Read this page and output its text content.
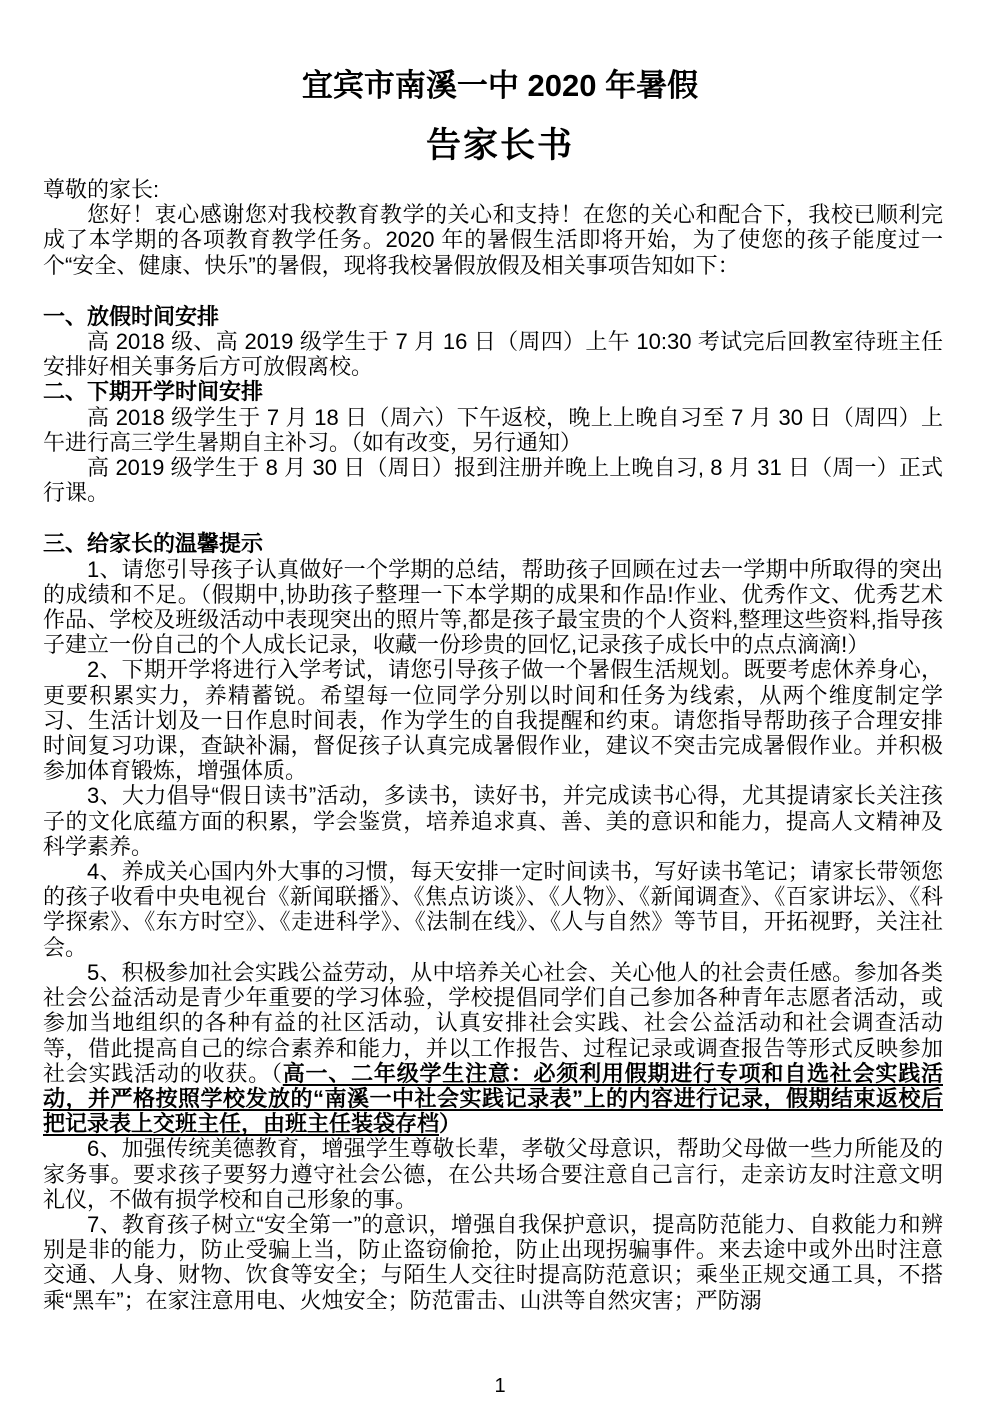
宜宾市南溪一中 2020 年暑假
告家长书

尊敬的家长:

您好！衷心感谢您对我校教育教学的关心和支持！在您的关心和配合下，我校已顺利完成了本学期的各项教育教学任务。2020 年的暑假生活即将开始，为了使您的孩子能度过一个“安全、健康、快乐”的暑假，现将我校暑假放假及相关事项告知如下：

一、放假时间安排

高 2018 级、高 2019 级学生于 7 月 16 日（周四）上午 10:30 考试完后回教室待班主任安排好相关事务后方可放假离校。

二、下期开学时间安排

高 2018 级学生于 7 月 18 日（周六）下午返校，晚上上晚自习至 7 月 30 日（周四）上午进行高三学生暑期自主补习。（如有改变，另行通知）

高 2019 级学生于 8 月 30 日（周日）报到注册并晚上上晚自习, 8 月 31 日（周一）正式行课。

三、给家长的温馨提示

1、请您引导孩子认真做好一个学期的总结，帮助孩子回顾在过去一学期中所取得的突出的成绩和不足。（假期中,协助孩子整理一下本学期的成果和作品!作业、优秀作文、优秀艺术作品、学校及班级活动中表现突出的照片等,都是孩子最宝贵的个人资料,整理这些资料,指导孩子建立一份自己的个人成长记录，收藏一份珍贵的回忆,记录孩子成长中的点点滴滴!）

2、下期开学将进行入学考试，请您引导孩子做一个暑假生活规划。既要考虑休养身心，更要积累实力，养精蓄锐。希望每一位同学分别以时间和任务为线索，从两个维度制定学习、生活计划及一日作息时间表，作为学生的自我提醒和约束。请您指导帮助孩子合理安排时间复习功课，查缺补漏，督促孩子认真完成暑假作业，建议不突击完成暑假作业。并积极参加体育锻炼，增强体质。

3、大力倡导“假日读书”活动，多读书，读好书，并完成读书心得，尤其提请家长关注孩子的文化底蕴方面的积累，学会鉴赏，培养追求真、善、美的意识和能力，提高人文精神及科学素养。

4、养成关心国内外大事的习惯，每天安排一定时间读书，写好读书笔记；请家长带领您的孩子收看中央电视台《新闻联播》、《焦点访谈》、《人物》、《新闻调查》、《百家讲坛》、《科学探索》、《东方时空》、《走进科学》、《法制在线》、《人与自然》等节目，开拓视野，关注社会。

5、积极参加社会实践公益劳动，从中培养关心社会、关心他人的社会责任感。参加各类社会公益活动是青少年重要的学习体验，学校提倡同学们自己参加各种青年志愿者活动，或参加当地组织的各种有益的社区活动，认真安排社会实践、社会公益活动和社会调查活动等，借此提高自己的综合素养和能力，并以工作报告、过程记录或调查报告等形式反映参加社会实践活动的收获。（高一、二年级学生注意：必须利用假期进行专项和自选社会实践活动，并严格按照学校发放的“南溪一中社会实践记录表”上的内容进行记录，假期结束返校后把记录表上交班主任，由班主任装袋存档）

6、加强传统美德教育，增强学生尊敬长辈，孝敬父母意识，帮助父母做一些力所能及的家务事。要求孩子要努力遵守社会公德，在公共场合要注意自己言行，走亲访友时注意文明礼仪，不做有损学校和自己形象的事。

7、教育孩子树立“安全第一”的意识，增强自我保护意识，提高防范能力、自救能力和辨别是非的能力，防止受骗上当，防止盗窃偷抢，防止出现拐骗事件。来去途中或外出时注意交通、人身、财物、饮食等安全；与陌生人交往时提高防范意识；乘坐正规交通工具，不搭乘“黑车”；在家注意用电、火烛安全；防范雷击、山洪等自然灾害；严防溺

1
